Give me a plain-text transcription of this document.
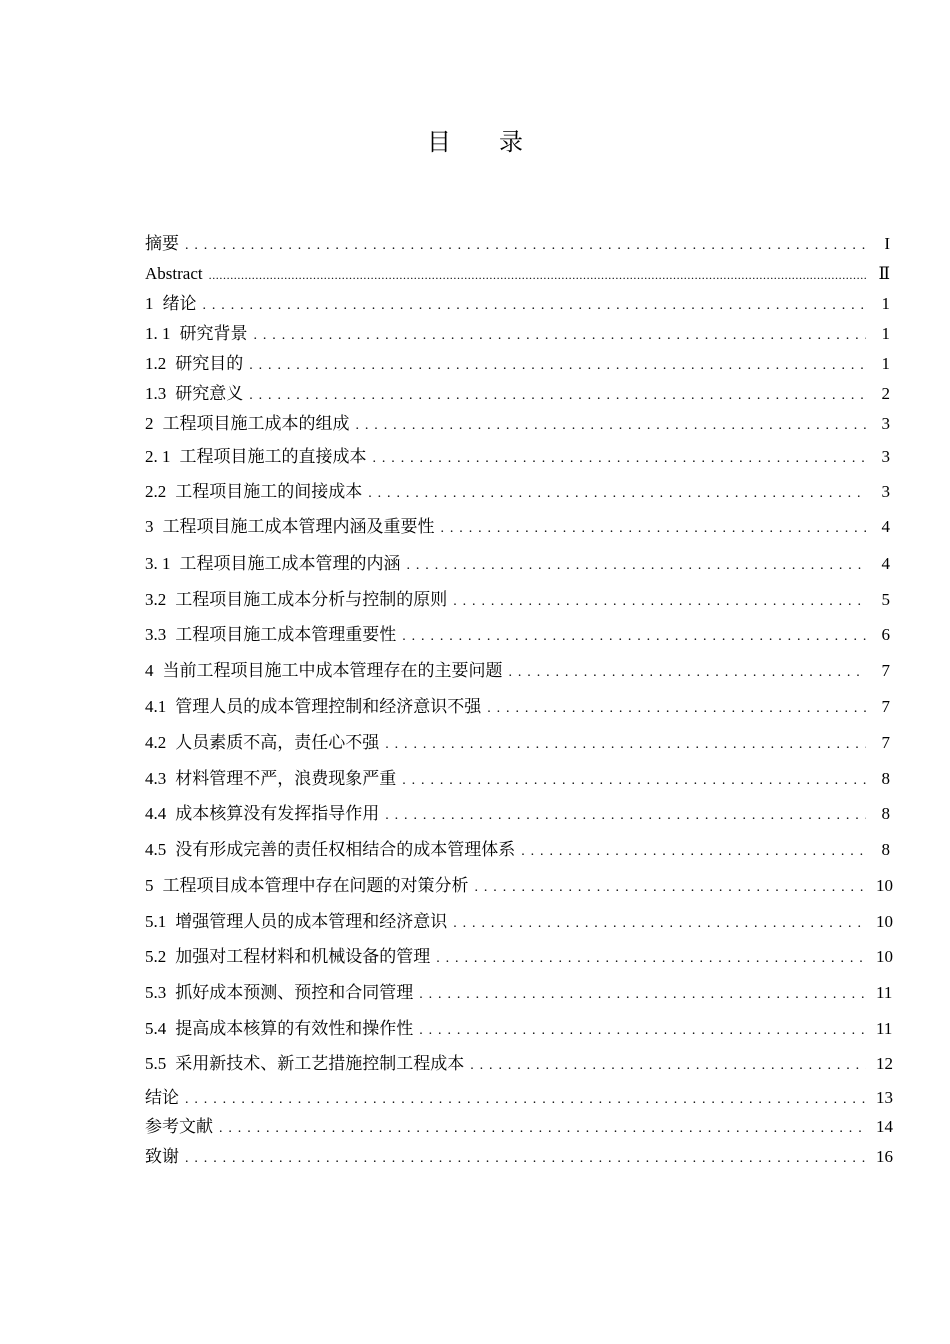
目 录
摘要 . . .	I
Abstract .....	Ⅱ
1 绪论 . . .	1
1. 1 研究背景 . . .	1
1.2 研究目的 . . .	1
1.3 研究意义 . . .	2
2 工程项目施工成本的组成 . . .	3
2. 1 工程项目施工的直接成本 . . .	3
2.2 工程项目施工的间接成本 . . .	3
3 工程项目施工成本管理内涵及重要性 . . .	4
3. 1 工程项目施工成本管理的内涵 . . .	4
3.2 工程项目施工成本分析与控制的原则 . . .	5
3.3 工程项目施工成本管理重要性 . . .	6
4 当前工程项目施工中成本管理存在的主要问题 . . .	7
4.1 管理人员的成本管理控制和经济意识不强 . . .	7
4.2 人员素质不高，责任心不强 . . .	7
4.3 材料管理不严，浪费现象严重 . . .	8
4.4 成本核算没有发挥指导作用 . . .	8
4.5 没有形成完善的责任权相结合的成本管理体系 . . .	8
5 工程项目成本管理中存在问题的对策分析 . . .	10
5.1 增强管理人员的成本管理和经济意识 . . .	10
5.2 加强对工程材料和机械设备的管理 . . .	10
5.3 抓好成本预测、预控和合同管理 . . .	11
5.4 提高成本核算的有效性和操作性 . . .	11
5.5 采用新技术、新工艺措施控制工程成本 . . .	12
结论 . . .	13
参考文献 . . .	14
致谢 . . .	16
